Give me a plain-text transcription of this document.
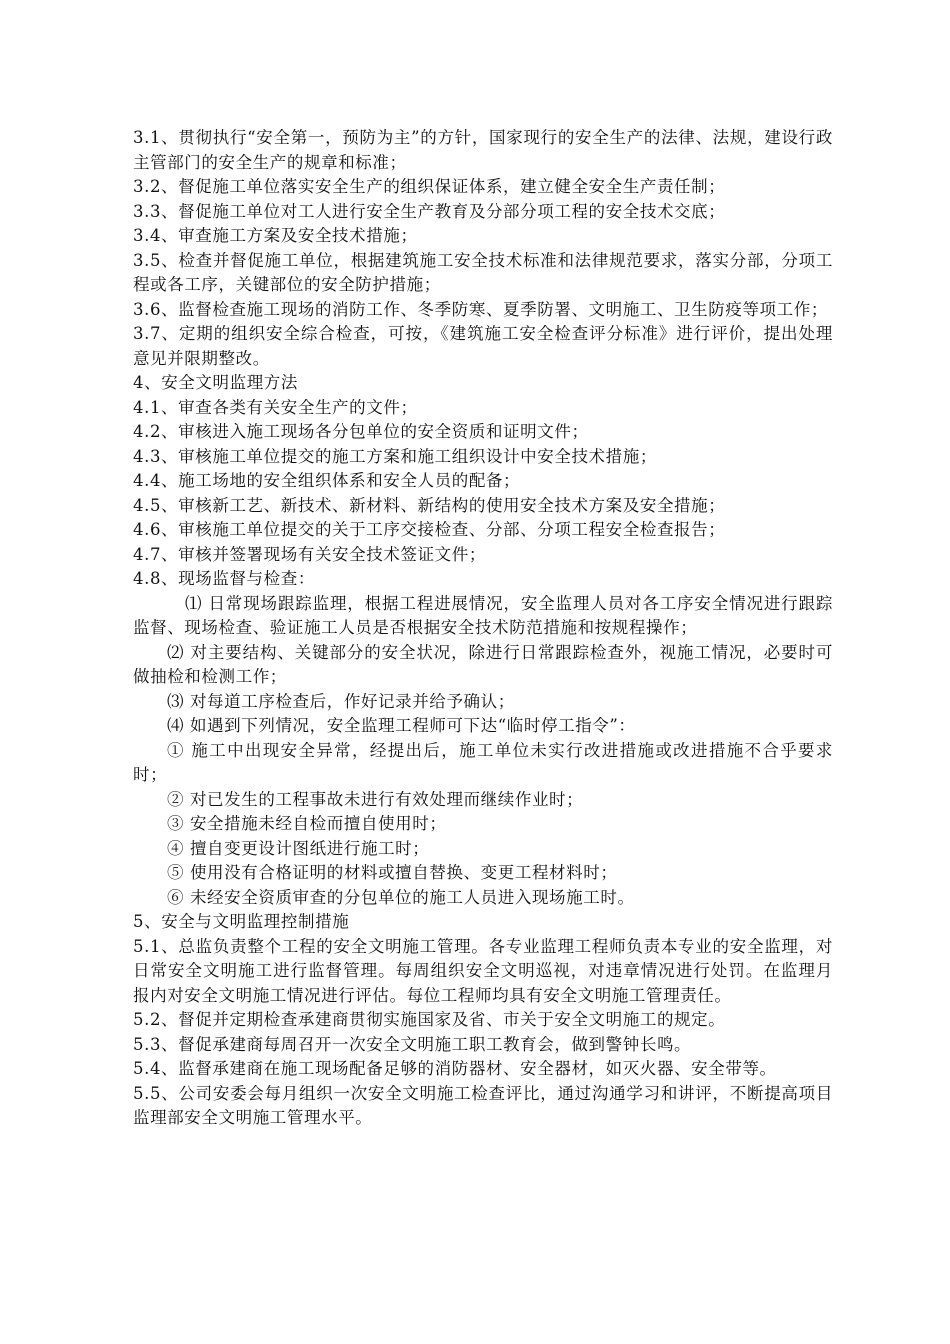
3.1、贯彻执行“安全第一，预防为主”的方针，国家现行的安全生产的法律、法规，建设行政主管部门的安全生产的规章和标准；

3.2、督促施工单位落实安全生产的组织保证体系，建立健全安全生产责任制；

3.3、督促施工单位对工人进行安全生产教育及分部分项工程的安全技术交底；

3.4、审查施工方案及安全技术措施；

3.5、检查并督促施工单位，根据建筑施工安全技术标准和法律规范要求，落实分部，分项工程或各工序，关键部位的安全防护措施；

3.6、监督检查施工现场的消防工作、冬季防寒、夏季防署、文明施工、卫生防疫等项工作；

3.7、定期的组织安全综合检查，可按，《建筑施工安全检查评分标准》进行评价，提出处理意见并限期整改。

4、安全文明监理方法

4.1、审查各类有关安全生产的文件；

4.2、审核进入施工现场各分包单位的安全资质和证明文件；

4.3、审核施工单位提交的施工方案和施工组织设计中安全技术措施；

4.4、施工场地的安全组织体系和安全人员的配备；

4.5、审核新工艺、新技术、新材料、新结构的使用安全技术方案及安全措施；

4.6、审核施工单位提交的关于工序交接检查、分部、分项工程安全检查报告；

4.7、审核并签署现场有关安全技术签证文件；

4.8、现场监督与检查：

⑴ 日常现场跟踪监理，根据工程进展情况，安全监理人员对各工序安全情况进行跟踪监督、现场检查、验证施工人员是否根据安全技术防范措施和按规程操作；

⑵ 对主要结构、关键部分的安全状况，除进行日常跟踪检查外，视施工情况，必要时可做抽检和检测工作；

⑶ 对每道工序检查后，作好记录并给予确认；

⑷ 如遇到下列情况，安全监理工程师可下达“临时停工指令”：

① 施工中出现安全异常，经提出后，施工单位未实行改进措施或改进措施不合乎要求时；

② 对已发生的工程事故未进行有效处理而继续作业时；

③ 安全措施未经自检而擅自使用时；

④ 擅自变更设计图纸进行施工时；

⑤ 使用没有合格证明的材料或擅自替换、变更工程材料时；

⑥ 未经安全资质审查的分包单位的施工人员进入现场施工时。

5、安全与文明监理控制措施

5.1、总监负责整个工程的安全文明施工管理。各专业监理工程师负责本专业的安全监理，对日常安全文明施工进行监督管理。每周组织安全文明巡视，对违章情况进行处罚。在监理月报内对安全文明施工情况进行评估。每位工程师均具有安全文明施工管理责任。

5.2、督促并定期检查承建商贯彻实施国家及省、市关于安全文明施工的规定。

5.3、督促承建商每周召开一次安全文明施工职工教育会，做到警钟长鸣。

5.4、监督承建商在施工现场配备足够的消防器材、安全器材，如灭火器、安全带等。

5.5、公司安委会每月组织一次安全文明施工检查评比，通过沟通学习和讲评，不断提高项目监理部安全文明施工管理水平。
